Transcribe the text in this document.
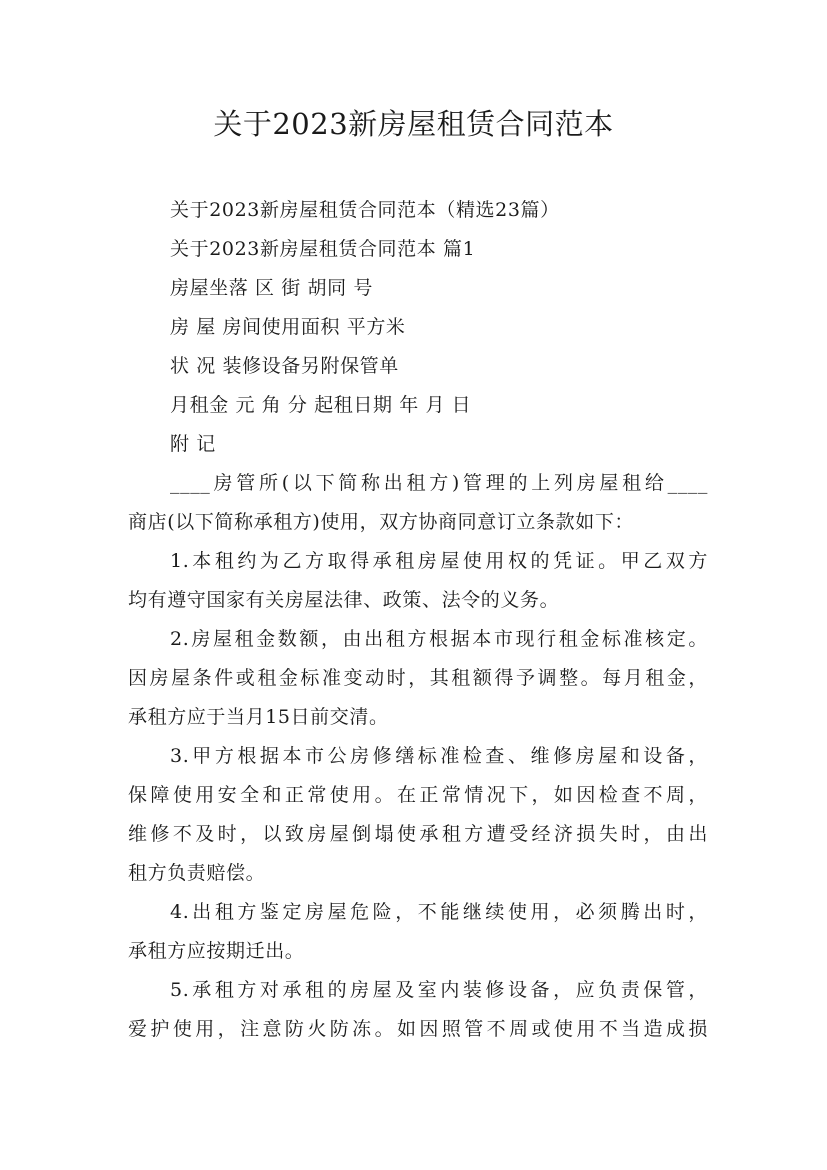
关于2023新房屋租赁合同范本
关于2023新房屋租赁合同范本（精选23篇）
关于2023新房屋租赁合同范本 篇1
房屋坐落 区 街 胡同 号
房 屋 房间使用面积 平方米
状 况 装修设备另附保管单
月租金 元 角 分 起租日期 年 月 日
附 记
____房管所(以下简称出租方)管理的上列房屋租给____
商店(以下简称承租方)使用，双方协商同意订立条款如下：
1.本租约为乙方取得承租房屋使用权的凭证。甲乙双方
均有遵守国家有关房屋法律、政策、法令的义务。
2.房屋租金数额，由出租方根据本市现行租金标准核定。
因房屋条件或租金标准变动时，其租额得予调整。每月租金，
承租方应于当月15日前交清。
3.甲方根据本市公房修缮标准检查、维修房屋和设备，
保障使用安全和正常使用。在正常情况下，如因检查不周，
维修不及时，以致房屋倒塌使承租方遭受经济损失时，由出
租方负责赔偿。
4.出租方鉴定房屋危险，不能继续使用，必须腾出时，
承租方应按期迁出。
5.承租方对承租的房屋及室内装修设备，应负责保管，
爱护使用，注意防火防冻。如因照管不周或使用不当造成损
